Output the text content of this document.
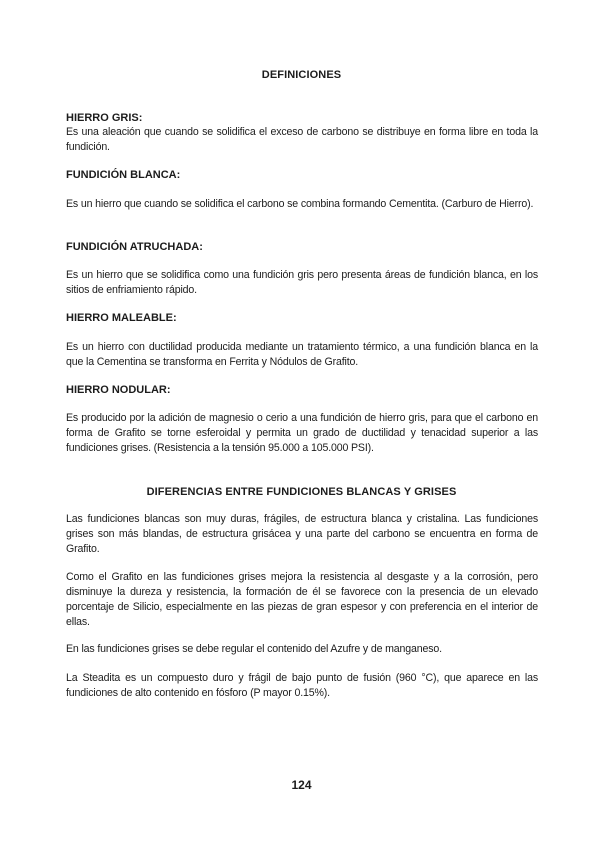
DEFINICIONES
HIERRO GRIS:

Es una aleación que cuando se solidifica el exceso de carbono se distribuye en forma libre en toda la fundición.

FUNDICIÓN BLANCA:

Es un hierro que cuando se solidifica el carbono se combina formando Cementita. (Carburo de Hierro).

FUNDICIÓN ATRUCHADA:

Es un hierro que se solidifica como una fundición gris pero presenta áreas de fundición blanca, en los sitios de enfriamiento rápido.

HIERRO MALEABLE:

Es un hierro con ductilidad producida mediante un tratamiento térmico, a una fundición blanca en la que la Cementina se transforma en Ferrita y Nódulos de Grafito.

HIERRO NODULAR:

Es producido por la adición de magnesio o cerio a una fundición de hierro gris, para que el carbono en forma de Grafito se torne esferoidal y permita un grado de ductilidad y tenacidad superior a las fundiciones grises. (Resistencia a la tensión 95.000 a 105.000 PSI).

DIFERENCIAS ENTRE FUNDICIONES BLANCAS Y GRISES

Las fundiciones blancas son muy duras, frágiles, de estructura blanca y cristalina. Las fundiciones grises son más blandas, de estructura grisácea y una parte del carbono se encuentra en forma de Grafito.

Como el Grafito en las fundiciones grises mejora la resistencia al desgaste y a la corrosión, pero disminuye la dureza y resistencia, la formación de él se favorece con la presencia de un elevado porcentaje de Silicio, especialmente en las piezas de gran espesor y con preferencia en el interior de ellas.

En las fundiciones grises se debe regular el contenido del Azufre y de manganeso.

La Steadita es un compuesto duro y frágil de bajo punto de fusión (960 °C), que aparece en las fundiciones de alto contenido en fósforo (P mayor 0.15%).

124
